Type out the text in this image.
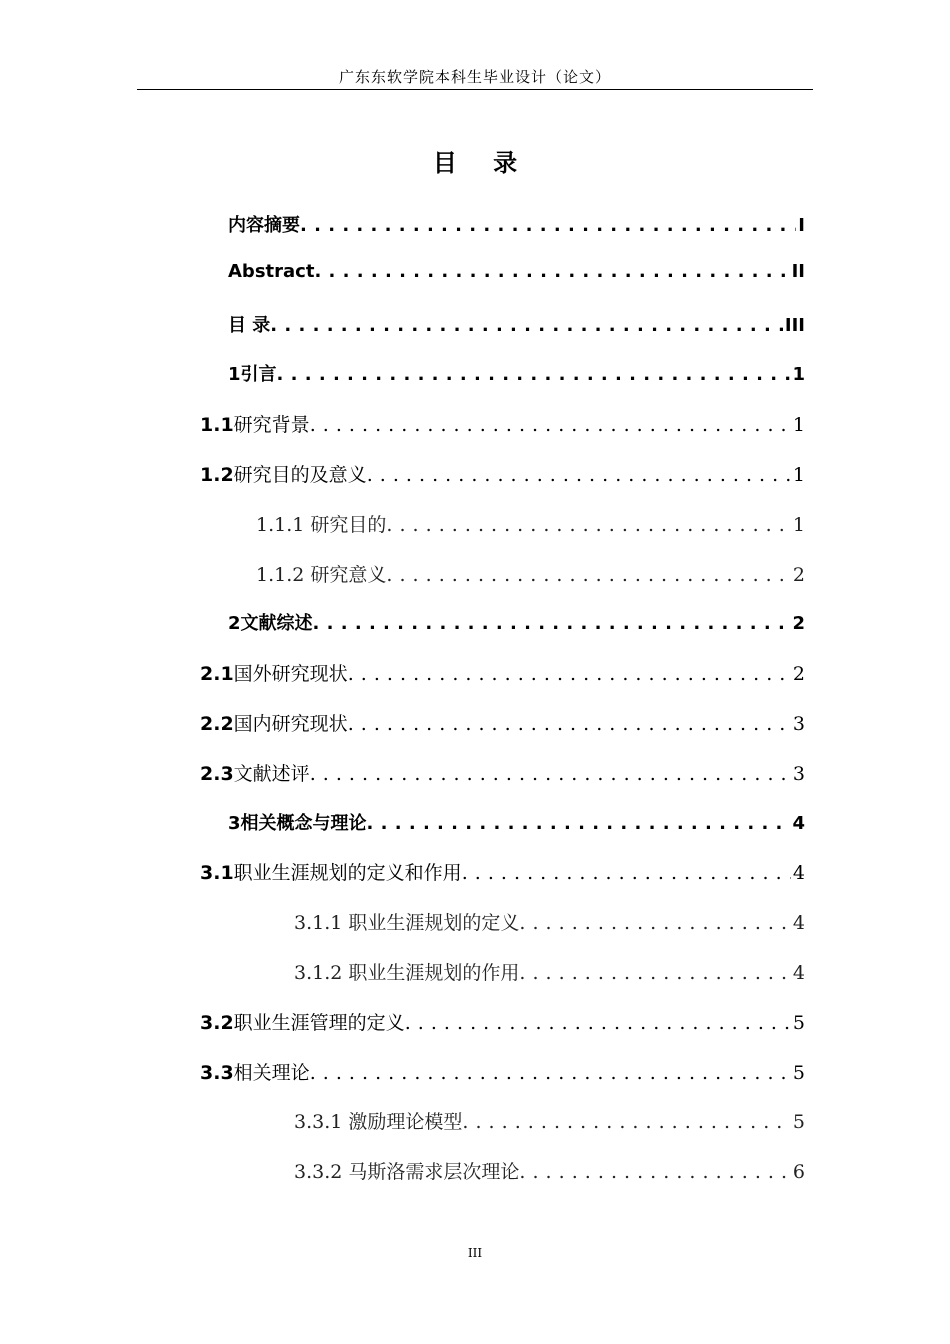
广东东软学院本科生毕业设计（论文）
目 录
内容摘要 . . .	I
Abstract . . .	II
目 录 . . .	III
1 引言 . . .	1
1.1 研究背景 . . .	1
1.2 研究目的及意义 . . .	1
1.1.1 研究目的 . . .	1
1.1.2 研究意义 . . .	2
2 文献综述 . . .	2
2.1 国外研究现状 . . .	2
2.2 国内研究现状 . . .	3
2.3 文献述评 . . .	3
3 相关概念与理论 . . .	4
3.1 职业生涯规划的定义和作用 . . .	4
3.1.1 职业生涯规划的定义 . . .	4
3.1.2 职业生涯规划的作用 . . .	4
3.2 职业生涯管理的定义 . . .	5
3.3 相关理论 . . .	5
3.3.1 激励理论模型 . . .	5
3.3.2 马斯洛需求层次理论 . . .	6
III
